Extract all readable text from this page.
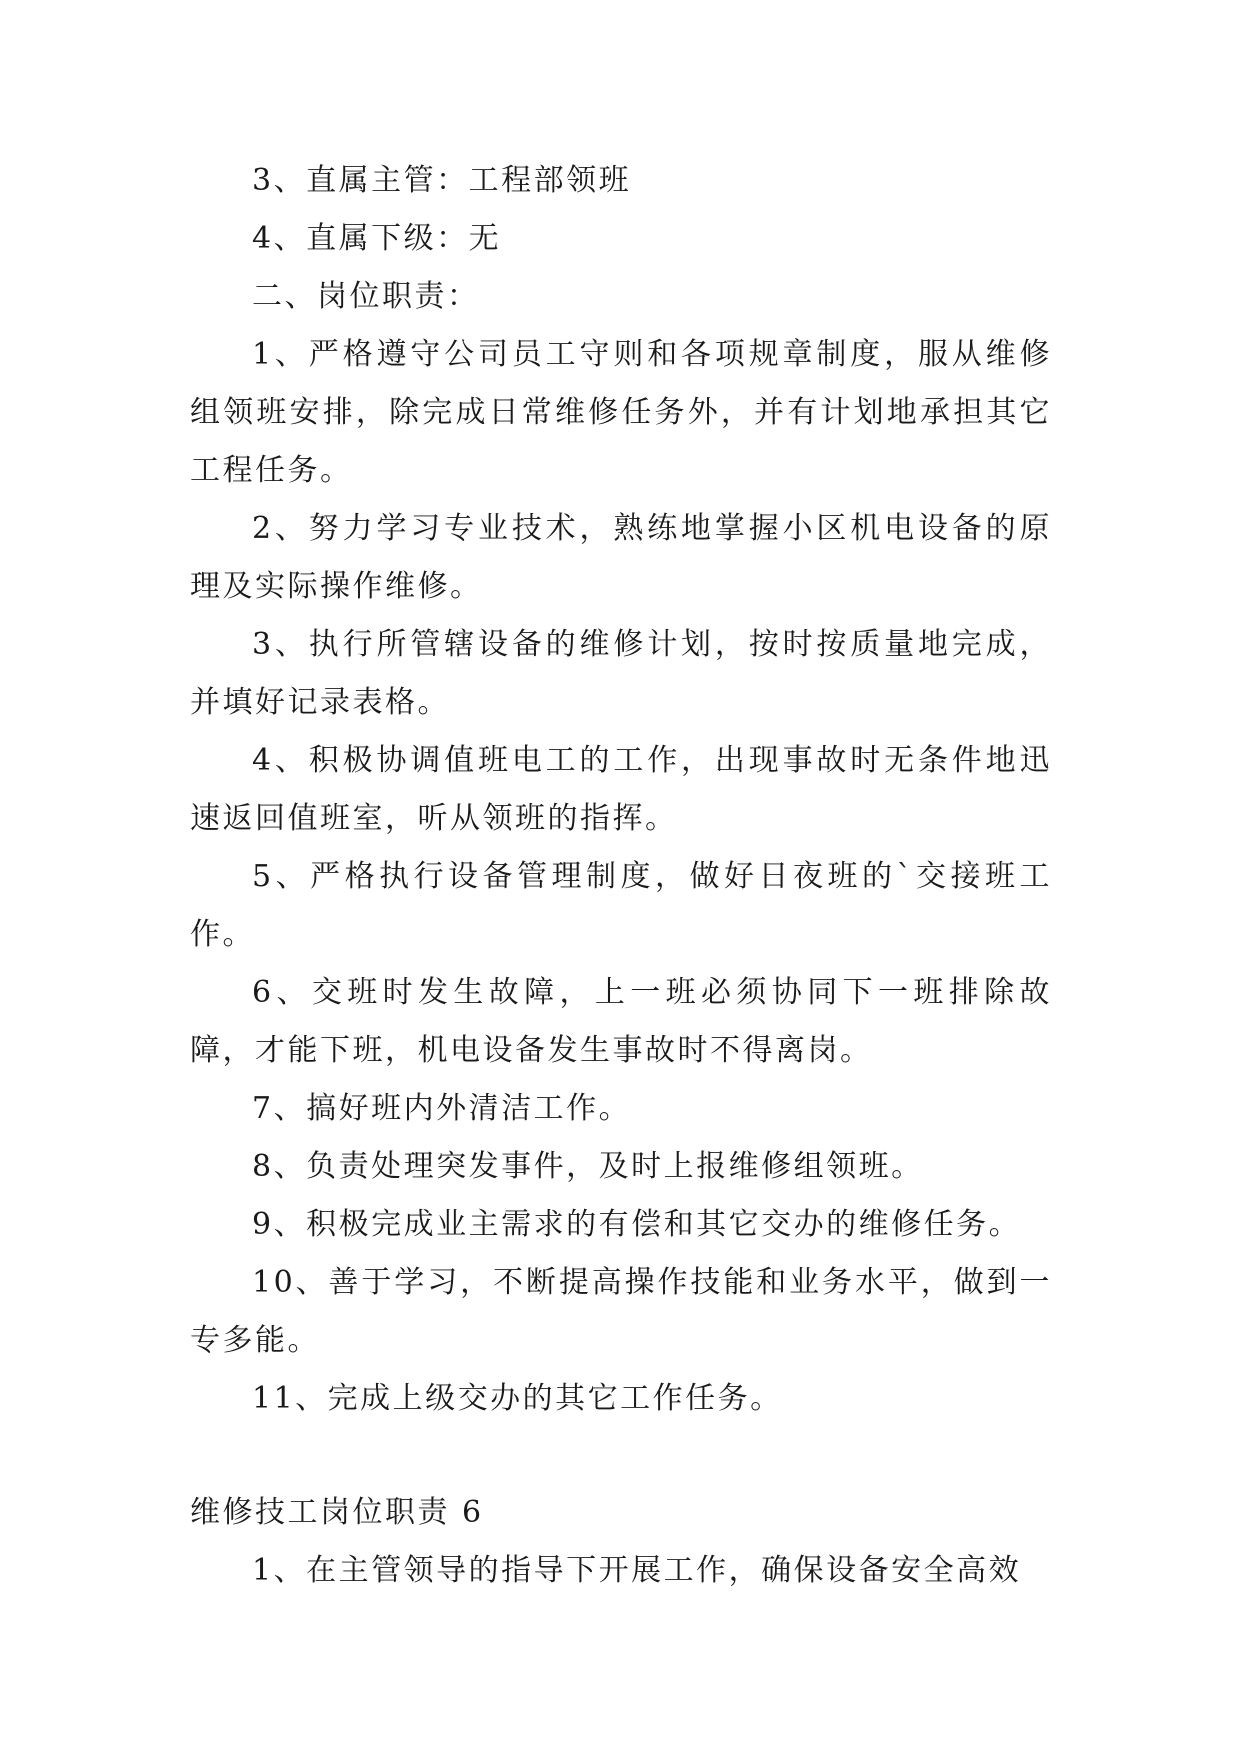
3、直属主管：工程部领班

4、直属下级：无

二、岗位职责：

1、严格遵守公司员工守则和各项规章制度，服从维修组领班安排，除完成日常维修任务外，并有计划地承担其它工程任务。

2、努力学习专业技术，熟练地掌握小区机电设备的原理及实际操作维修。

3、执行所管辖设备的维修计划，按时按质量地完成，并填好记录表格。

4、积极协调值班电工的工作，出现事故时无条件地迅速返回值班室，听从领班的指挥。

5、严格执行设备管理制度，做好日夜班的`交接班工作。

6、交班时发生故障，上一班必须协同下一班排除故障，才能下班，机电设备发生事故时不得离岗。

7、搞好班内外清洁工作。

8、负责处理突发事件，及时上报维修组领班。

9、积极完成业主需求的有偿和其它交办的维修任务。

10、善于学习，不断提高操作技能和业务水平，做到一专多能。

11、完成上级交办的其它工作任务。

维修技工岗位职责 6

1、在主管领导的指导下开展工作，确保设备安全高效
